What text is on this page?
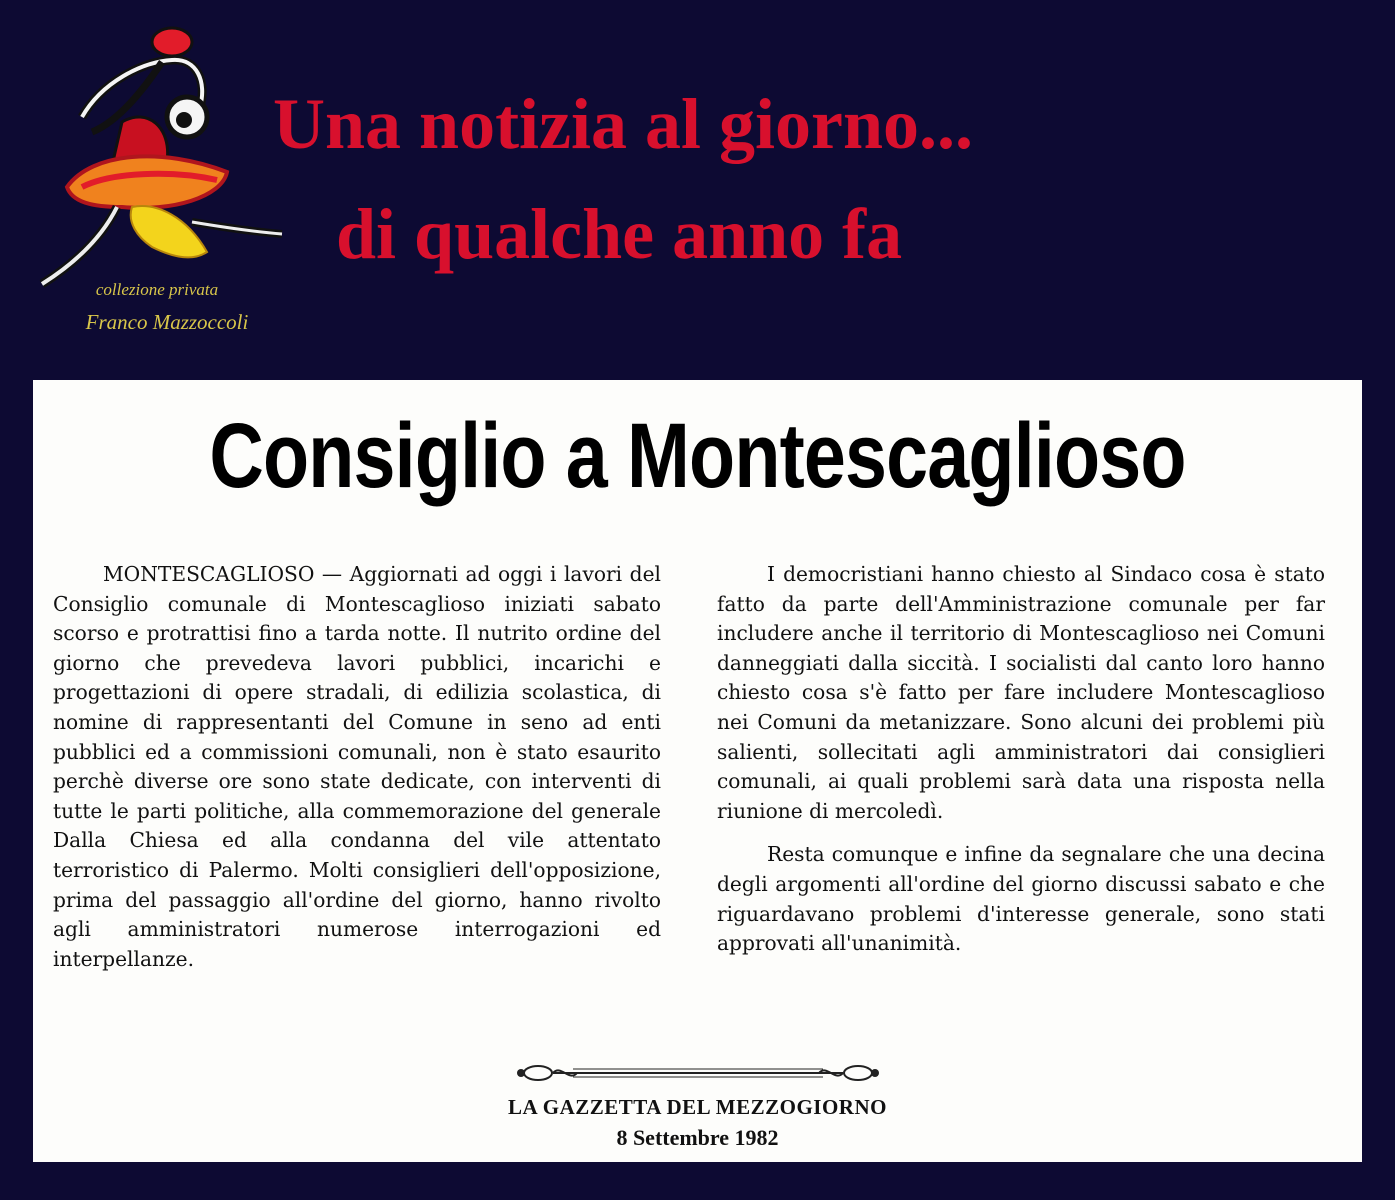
collezione privata
Franco Mazzoccoli
Una notizia al giorno...
di qualche anno fa
Consiglio a Montescaglioso

MONTESCAGLIOSO — Aggiornati ad oggi i lavori del Consiglio comunale di Montescaglioso iniziati sabato scorso e protrattisi fino a tarda notte. Il nutrito ordine del giorno che prevedeva lavori pubblici, incarichi e progettazioni di opere stradali, di edilizia scolastica, di nomine di rappresentanti del Comune in seno ad enti pubblici ed a commissioni comunali, non è stato esaurito perchè diverse ore sono state dedicate, con interventi di tutte le parti politiche, alla commemorazione del generale Dalla Chiesa ed alla condanna del vile attentato terroristico di Palermo. Molti consiglieri dell'opposizione, prima del passaggio all'ordine del giorno, hanno rivolto agli amministratori numerose interrogazioni ed interpellanze.

I democristiani hanno chiesto al Sindaco cosa è stato fatto da parte dell'Amministrazione comunale per far includere anche il territorio di Montescaglioso nei Comuni danneggiati dalla siccità. I socialisti dal canto loro hanno chiesto cosa s'è fatto per fare includere Montescaglioso nei Comuni da metanizzare. Sono alcuni dei problemi più salienti, sollecitati agli amministratori dai consiglieri comunali, ai quali problemi sarà data una risposta nella riunione di mercoledì.

Resta comunque e infine da segnalare che una decina degli argomenti all'ordine del giorno discussi sabato e che riguardavano problemi d'interesse generale, sono stati approvati all'unanimità.

LA GAZZETTA DEL MEZZOGIORNO
8 Settembre 1982
